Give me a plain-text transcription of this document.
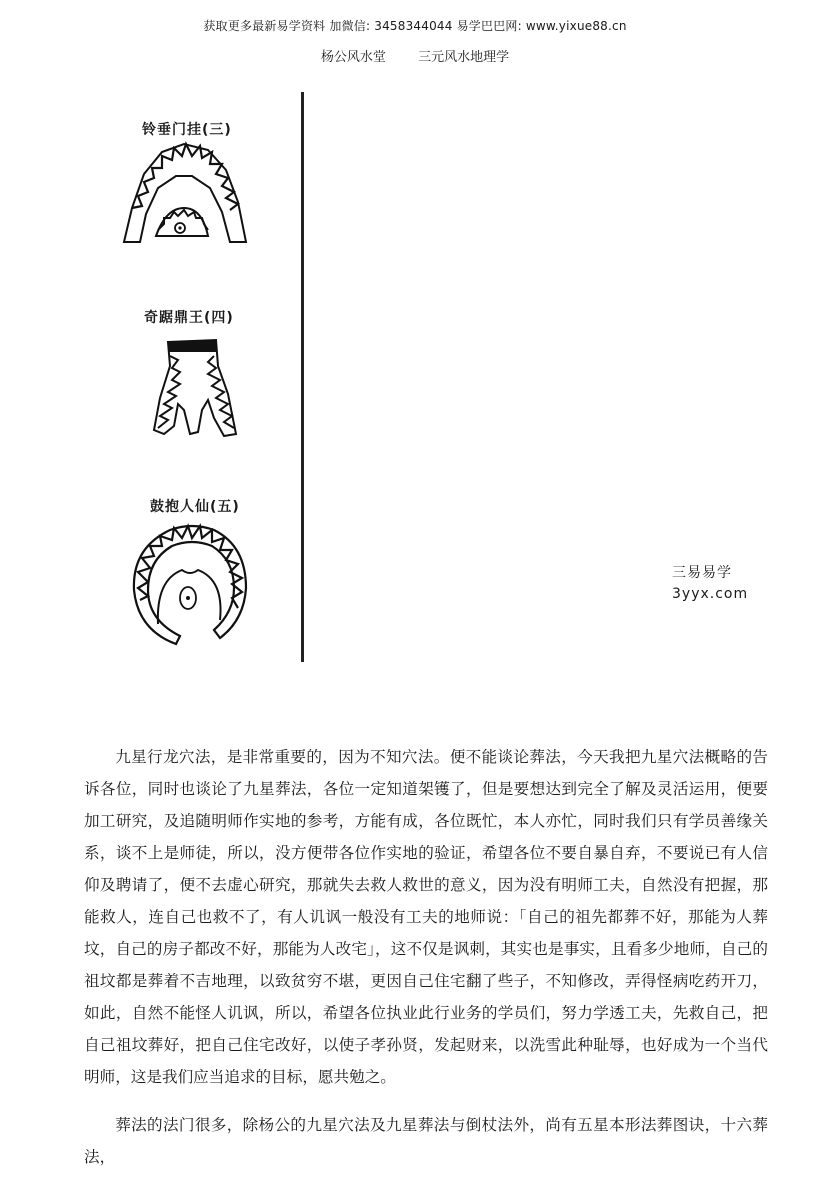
获取更多最新易学资料 加微信: 3458344044 易学巴巴网: www.yixue88.cn
杨公风水堂 三元风水地理学
铃垂门挂(三)
奇踞鼎王(四)
鼓抱人仙(五)
三易易学
3yyx.com

九星行龙穴法，是非常重要的，因为不知穴法。便不能谈论葬法，今天我把九星穴法概略的告诉各位，同时也谈论了九星葬法，各位一定知道架镬了，但是要想达到完全了解及灵活运用，便要加工研究，及追随明师作实地的参考，方能有成，各位既忙，本人亦忙，同时我们只有学员善缘关系，谈不上是师徒，所以，没方便带各位作实地的验证，希望各位不要自暴自弃，不要说已有人信仰及聘请了，便不去虚心研究，那就失去救人救世的意义，因为没有明师工夫，自然没有把握，那能救人，连自己也救不了，有人讥讽一般没有工夫的地师说：「自己的祖先都葬不好，那能为人葬坟，自己的房子都改不好，那能为人改宅」，这不仅是讽刺，其实也是事实，且看多少地师，自己的祖坟都是葬着不吉地理，以致贫穷不堪，更因自己住宅翻了些子，不知修改，弄得怪病吃药开刀，如此，自然不能怪人讥讽，所以，希望各位执业此行业务的学员们，努力学透工夫，先救自己，把自己祖坟葬好，把自己住宅改好，以使子孝孙贤，发起财来，以洗雪此种耻辱，也好成为一个当代明师，这是我们应当追求的目标，愿共勉之。

葬法的法门很多，除杨公的九星穴法及九星葬法与倒杖法外，尚有五星本形法葬图诀，十六葬法，
